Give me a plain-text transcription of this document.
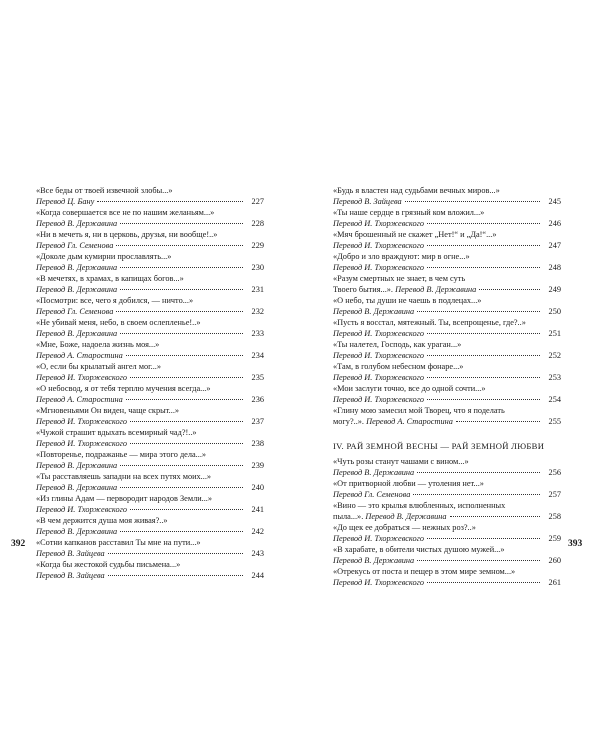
«Все беды от твоей извечной злобы...»
Перевод Ц. Бану	227
«Когда совершается все не по нашим желаньям...»
Перевод В. Державина	228
«Ни в мечеть я, ни в церковь, друзья, ни вообще!..»
Перевод Гл. Семенова	229
«Доколе дым кумирни прославлять...»
Перевод В. Державина	230
«В мечетях, в храмах, в капищах богов...»
Перевод В. Державина	231
«Посмотри: все, чего я добился, — ничто...»
Перевод Гл. Семенова	232
«Не убивай меня, небо, в своем ослепленье!..»
Перевод В. Державина	233
«Мне, Боже, надоела жизнь моя...»
Перевод А. Старостина	234
«О, если бы крылатый ангел мог...»
Перевод И. Тхоржевского	235
«О небосвод, я от тебя терплю мучения всегда...»
Перевод А. Старостина	236
«Мгновеньями Он виден, чаще скрыт...»
Перевод И. Тхоржевского	237
«Чужой страшит вдыхать всемирный чад?!..»
Перевод И. Тхоржевского	238
«Повторенье, подражанье — мира этого дела...»
Перевод В. Державина	239
«Ты расставляешь западни на всех путях моих...»
Перевод В. Державина	240
«Из глины Адам — первородит народов Земли...»
Перевод И. Тхоржевского	241
«В чем держится душа моя живая?..»
Перевод В. Державина	242
«Сотни капканов расставил Ты мне на пути...»
Перевод В. Зайцева	243
«Когда бы жестокой судьбы письмена...»
Перевод В. Зайцева	244
«Будь я властен над судьбами вечных миров...»
Перевод В. Зайцева	245
«Ты наше сердце в грязный ком вложил...»
Перевод И. Тхоржевского	246
«Мяч брошенный не скажет „Нет!“ и „Да!“...»
Перевод И. Тхоржевского	247
«Добро и зло враждуют: мир в огне...»
Перевод И. Тхоржевского	248
«Разум смертных не знает, в чем суть
Твоего бытия...». Перевод В. Державина	249
«О небо, ты души не чаешь в подлецах...»
Перевод В. Державина	250
«Пусть я восстал, мятежный. Ты, всепрощенье, где?..»
Перевод И. Тхоржевского	251
«Ты налетел, Господь, как ураган...»
Перевод И. Тхоржевского	252
«Там, в голубом небесном фонаре...»
Перевод И. Тхоржевского	253
«Мои заслуги точно, все до одной сочти...»
Перевод И. Тхоржевского	254
«Глину мою замесил мой Творец, что я поделать
могу?..». Перевод А. Старостина	255
IV. РАЙ ЗЕМНОЙ ВЕСНЫ — РАЙ ЗЕМНОЙ ЛЮБВИ
«Чуть розы станут чашами с вином...»
Перевод В. Державина	256
«От притворной любви — утоления нет...»
Перевод Гл. Семенова	257
«Вино — это крылья влюбленных, исполненных
пыла...». Перевод В. Державина	258
«До щек ее добраться — нежных роз?..»
Перевод И. Тхоржевского	259
«В харабате, в обители чистых душою мужей...»
Перевод В. Державина	260
«Отрекусь от поста и пещер в этом мире земном...»
Перевод И. Тхоржевского	261
392	393
